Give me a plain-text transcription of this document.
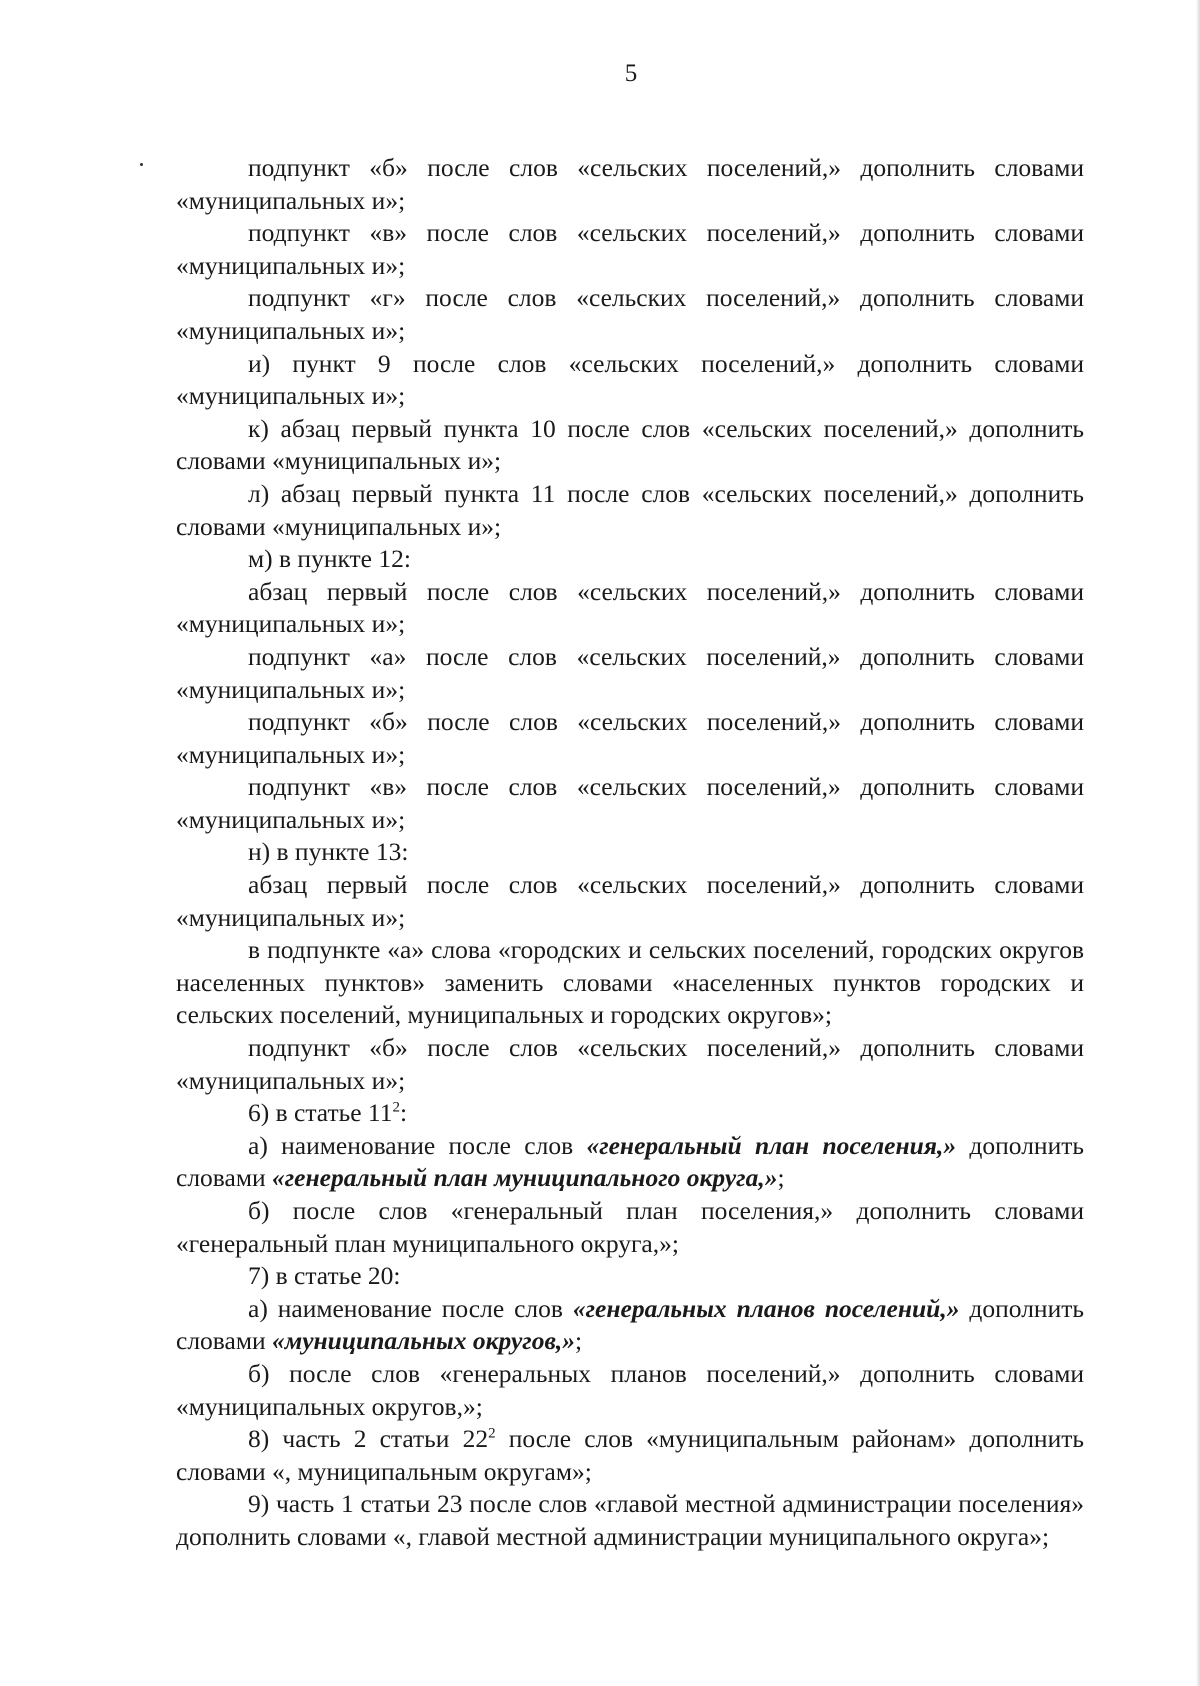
5

подпункт «б» после слов «сельских поселений,» дополнить словами «муниципальных и»;

подпункт «в» после слов «сельских поселений,» дополнить словами «муниципальных и»;

подпункт «г» после слов «сельских поселений,» дополнить словами «муниципальных и»;

и) пункт 9 после слов «сельских поселений,» дополнить словами «муниципальных и»;

к) абзац первый пункта 10 после слов «сельских поселений,» дополнить словами «муниципальных и»;

л) абзац первый пункта 11 после слов «сельских поселений,» дополнить словами «муниципальных и»;

м) в пункте 12:

абзац первый после слов «сельских поселений,» дополнить словами «муниципальных и»;

подпункт «а» после слов «сельских поселений,» дополнить словами «муниципальных и»;

подпункт «б» после слов «сельских поселений,» дополнить словами «муниципальных и»;

подпункт «в» после слов «сельских поселений,» дополнить словами «муниципальных и»;

н) в пункте 13:

абзац первый после слов «сельских поселений,» дополнить словами «муниципальных и»;

в подпункте «а» слова «городских и сельских поселений, городских округов населенных пунктов» заменить словами «населенных пунктов городских и сельских поселений, муниципальных и городских округов»;

подпункт «б» после слов «сельских поселений,» дополнить словами «муниципальных и»;

6) в статье $11^2$:

а) наименование после слов «генеральный план поселения,» дополнить словами «генеральный план муниципального округа,»;

б) после слов «генеральный план поселения,» дополнить словами «генеральный план муниципального округа,»;

7) в статье 20:

а) наименование после слов «генеральных планов поселений,» дополнить словами «муниципальных округов,»;

б) после слов «генеральных планов поселений,» дополнить словами «муниципальных округов,»;

8) часть 2 статьи $22^2$ после слов «муниципальным районам» дополнить словами «, муниципальным округам»;

9) часть 1 статьи 23 после слов «главой местной администрации поселения» дополнить словами «, главой местной администрации муниципального округа»;
